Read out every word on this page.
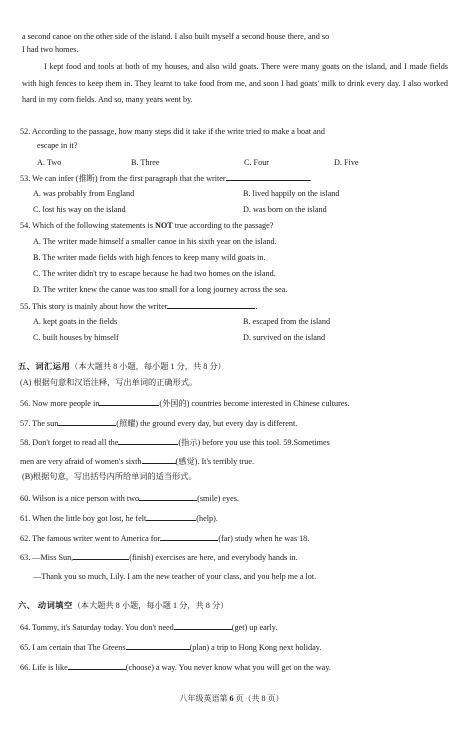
a second canoe on the other side of the island. I also built myself a second house there, and so
I had two homes.
I kept food and tools at both of my houses, and also wild goats. There were many goats on the island, and I made fields with high fences to keep them in. They learnt to take food from me, and soon I had goats' milk to drink every day. I also worked hard in my corn fields. And so, many years went by.
52. According to the passage, how many steps did it take if the write tried to make a boat and
escape in it?
A. Two	B. Three	C. Four	D. Five
53. We can infer (推断) from the first paragraph that the writer	.
A. was probably from England	B. lived happily on the island
C. lost his way on the island	D. was born on the island
54. Which of the following statements is NOT true according to the passage?
A. The writer made himself a smaller canoe in his sixth year on the island.
B. The writer made fields with high fences to keep many wild goats in.
C. The writer didn't try to escape because he had two homes on the island.
D. The writer knew the canoe was too small for a long journey across the sea.
55. This story is mainly about how the writer	.
A. kept goats in the fields	B. escaped from the island
C. built houses by himself	D. survived on the island
五、词汇运用（本大题共 8 小题，每小题 1 分，共 8 分）
(A) 根据句意和汉语注释，写出单词的正确形式。
56. Now more people in	(外国的) countries become interested in Chinese cultures.
57. The sun	(照耀) the ground every day, but every day is different.
58. Don't forget to read all the	(指示) before you use this tool. 59.Sometimes
men are very afraid of women's sixth	(感觉). It's terribly true.
(B)根据句意，写出括号内所给单词的适当形式。
60. Wilson is a nice person with two	(smile) eyes.
61. When the little boy got lost, he felt	(help).
62. The famous writer went to America for	(far) study when he was 18.
63. —Miss Sun,	(finish) exercises are here, and everybody hands in.
—Thank you so much, Lily. I am the new teacher of your class, and you help me a lot.
六、 动词填空（本大题共 8 小题，每小题 1 分，共 8 分）
64. Tommy, it's Saturday today. You don't need	(get) up early.
65. I am certain that The Greens	(plan) a trip to Hong Kong next holiday.
66. Life is like	(choose) a way. You never know what you will get on the way.
八年级英语第 6 页（共 8 页）
